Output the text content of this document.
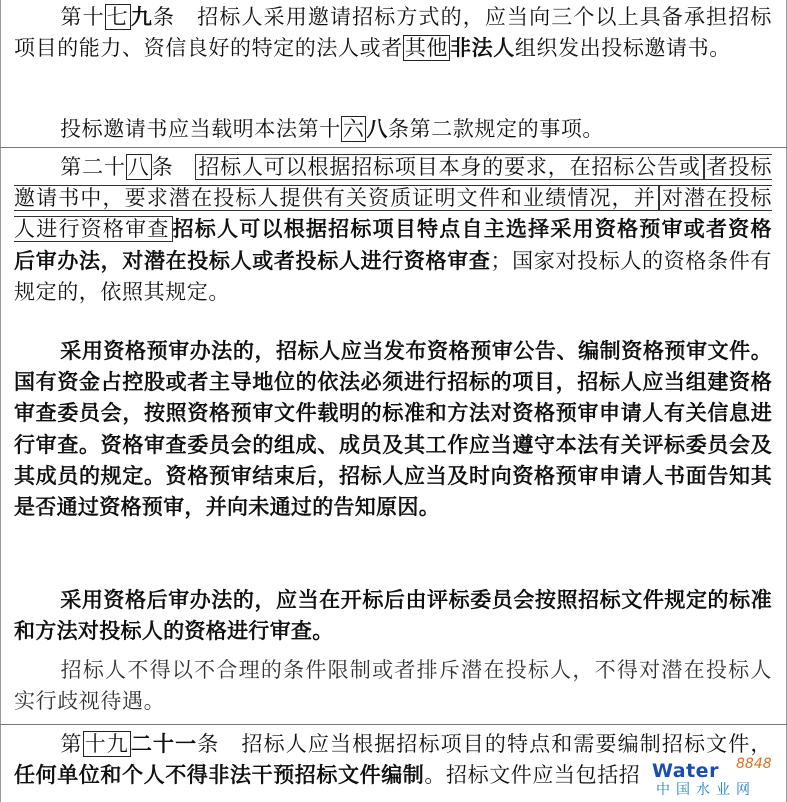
第十七九条　招标人采用邀请招标方式的，应当向三个以上具备承担招标项目的能力、资信良好的特定的法人或者其他非法人组织发出投标邀请书。
投标邀请书应当载明本法第十六八条第二款规定的事项。
第二十八条　 招标人可以根据招标项目本身的要求，在招标公告或 者投标邀请书中，要求潜在投标人提供有关资质证明文件和业绩情况，并 对潜在投标人进行资格审查 招标人可以根据招标项目特点自主选择采用资格预审或者资格后审办法，对潜在投标人或者投标人进行资格审查；国家对投标人的资格条件有规定的，依照其规定。
采用资格预审办法的，招标人应当发布资格预审公告、编制资格预审文件。国有资金占控股或者主导地位的依法必须进行招标的项目，招标人应当组建资格审查委员会，按照资格预审文件载明的标准和方法对资格预审申请人有关信息进行审查。资格审查委员会的组成、成员及其工作应当遵守本法有关评标委员会及其成员的规定。资格预审结束后，招标人应当及时向资格预审申请人书面告知其是否通过资格预审，并向未通过的告知原因。
采用资格后审办法的，应当在开标后由评标委员会按照招标文件规定的标准和方法对投标人的资格进行审查。
招标人不得以不合理的条件限制或者排斥潜在投标人，不得对潜在投标人实行歧视待遇。
第十九二十一条　招标人应当根据招标项目的特点和需要编制招标文件，任何单位和个人不得非法干预招标文件编制。招标文件应当包括招 Water 8848
中国水业网
